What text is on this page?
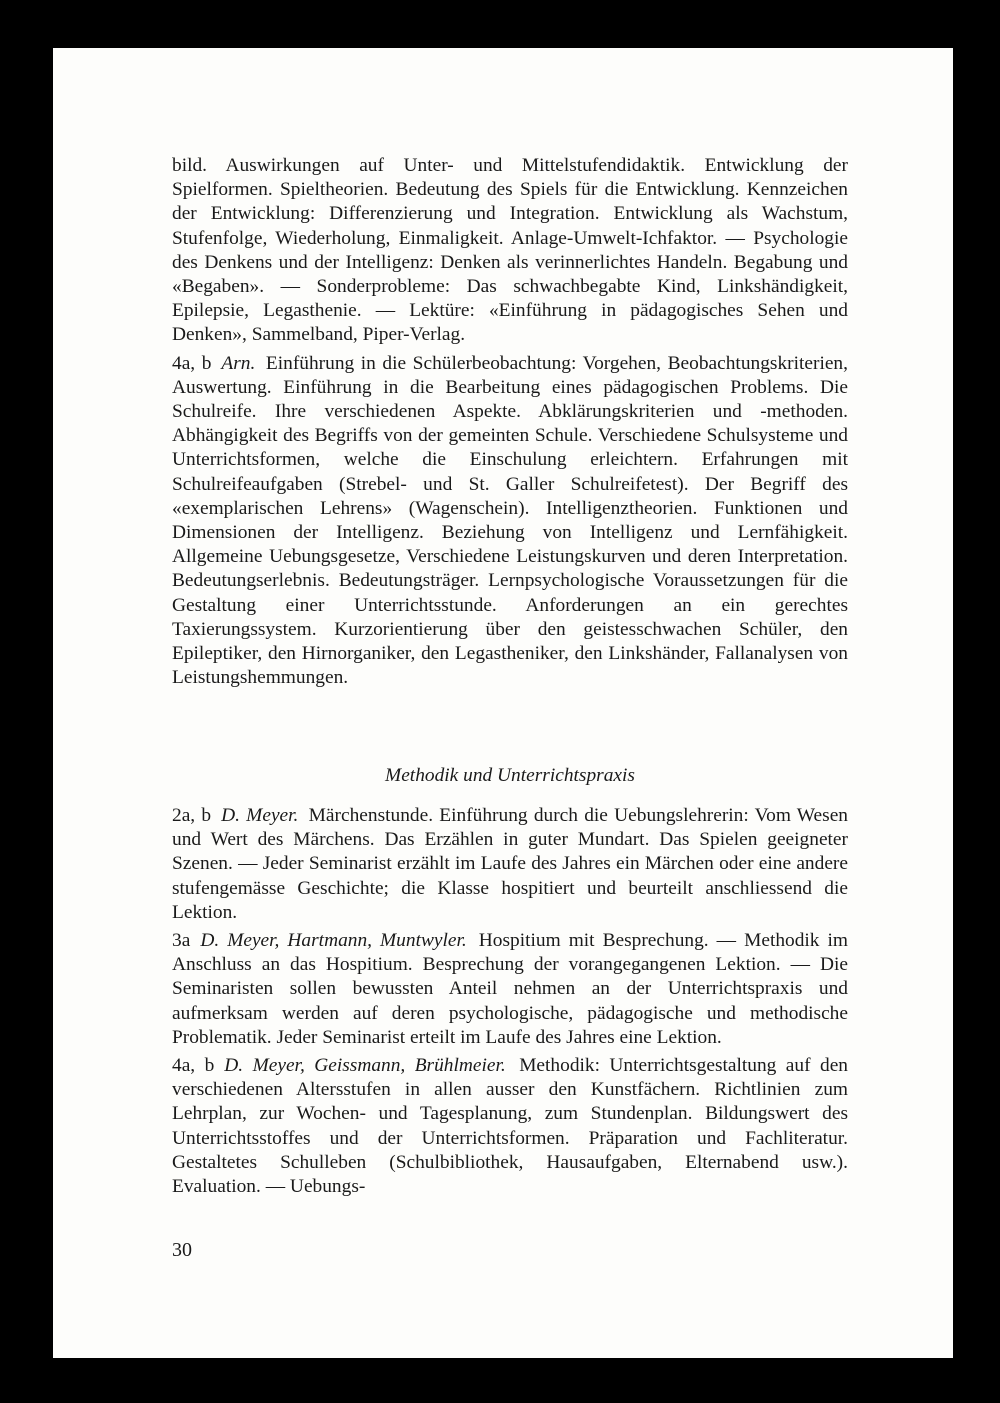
bild. Auswirkungen auf Unter- und Mittelstufendidaktik. Entwicklung der Spielformen. Spieltheorien. Bedeutung des Spiels für die Entwicklung. Kennzeichen der Entwicklung: Differenzierung und Integration. Entwicklung als Wachstum, Stufenfolge, Wiederholung, Einmaligkeit. Anlage-Umwelt-Ichfaktor. — Psychologie des Denkens und der Intelligenz: Denken als verinnerlichtes Handeln. Begabung und «Begaben». — Sonderprobleme: Das schwachbegabte Kind, Linkshändigkeit, Epilepsie, Legasthenie. — Lektüre: «Einführung in pädagogisches Sehen und Denken», Sammelband, Piper-Verlag.

4a, b Arn. Einführung in die Schülerbeobachtung: Vorgehen, Beobachtungskriterien, Auswertung. Einführung in die Bearbeitung eines pädagogischen Problems. Die Schulreife. Ihre verschiedenen Aspekte. Abklärungskriterien und -methoden. Abhängigkeit des Begriffs von der gemeinten Schule. Verschiedene Schulsysteme und Unterrichtsformen, welche die Einschulung erleichtern. Erfahrungen mit Schulreifeaufgaben (Strebel- und St. Galler Schulreifetest). Der Begriff des «exemplarischen Lehrens» (Wagenschein). Intelligenztheorien. Funktionen und Dimensionen der Intelligenz. Beziehung von Intelligenz und Lernfähigkeit. Allgemeine Uebungsgesetze, Verschiedene Leistungskurven und deren Interpretation. Bedeutungserlebnis. Bedeutungsträger. Lernpsychologische Voraussetzungen für die Gestaltung einer Unterrichtsstunde. Anforderungen an ein gerechtes Taxierungssystem. Kurzorientierung über den geistesschwachen Schüler, den Epileptiker, den Hirnorganiker, den Legastheniker, den Linkshänder, Fallanalysen von Leistungshemmungen.

Methodik und Unterrichtspraxis

2a, b D. Meyer. Märchenstunde. Einführung durch die Uebungslehrerin: Vom Wesen und Wert des Märchens. Das Erzählen in guter Mundart. Das Spielen geeigneter Szenen. — Jeder Seminarist erzählt im Laufe des Jahres ein Märchen oder eine andere stufengemässe Geschichte; die Klasse hospitiert und beurteilt anschliessend die Lektion.

3a D. Meyer, Hartmann, Muntwyler. Hospitium mit Besprechung. — Methodik im Anschluss an das Hospitium. Besprechung der vorangegangenen Lektion. — Die Seminaristen sollen bewussten Anteil nehmen an der Unterrichtspraxis und aufmerksam werden auf deren psychologische, pädagogische und methodische Problematik. Jeder Seminarist erteilt im Laufe des Jahres eine Lektion.

4a, b D. Meyer, Geissmann, Brühlmeier. Methodik: Unterrichtsgestaltung auf den verschiedenen Altersstufen in allen ausser den Kunstfächern. Richtlinien zum Lehrplan, zur Wochen- und Tagesplanung, zum Stundenplan. Bildungswert des Unterrichtsstoffes und der Unterrichtsformen. Präparation und Fachliteratur. Gestaltetes Schulleben (Schulbibliothek, Hausaufgaben, Elternabend usw.). Evaluation. — Uebungs-

30
